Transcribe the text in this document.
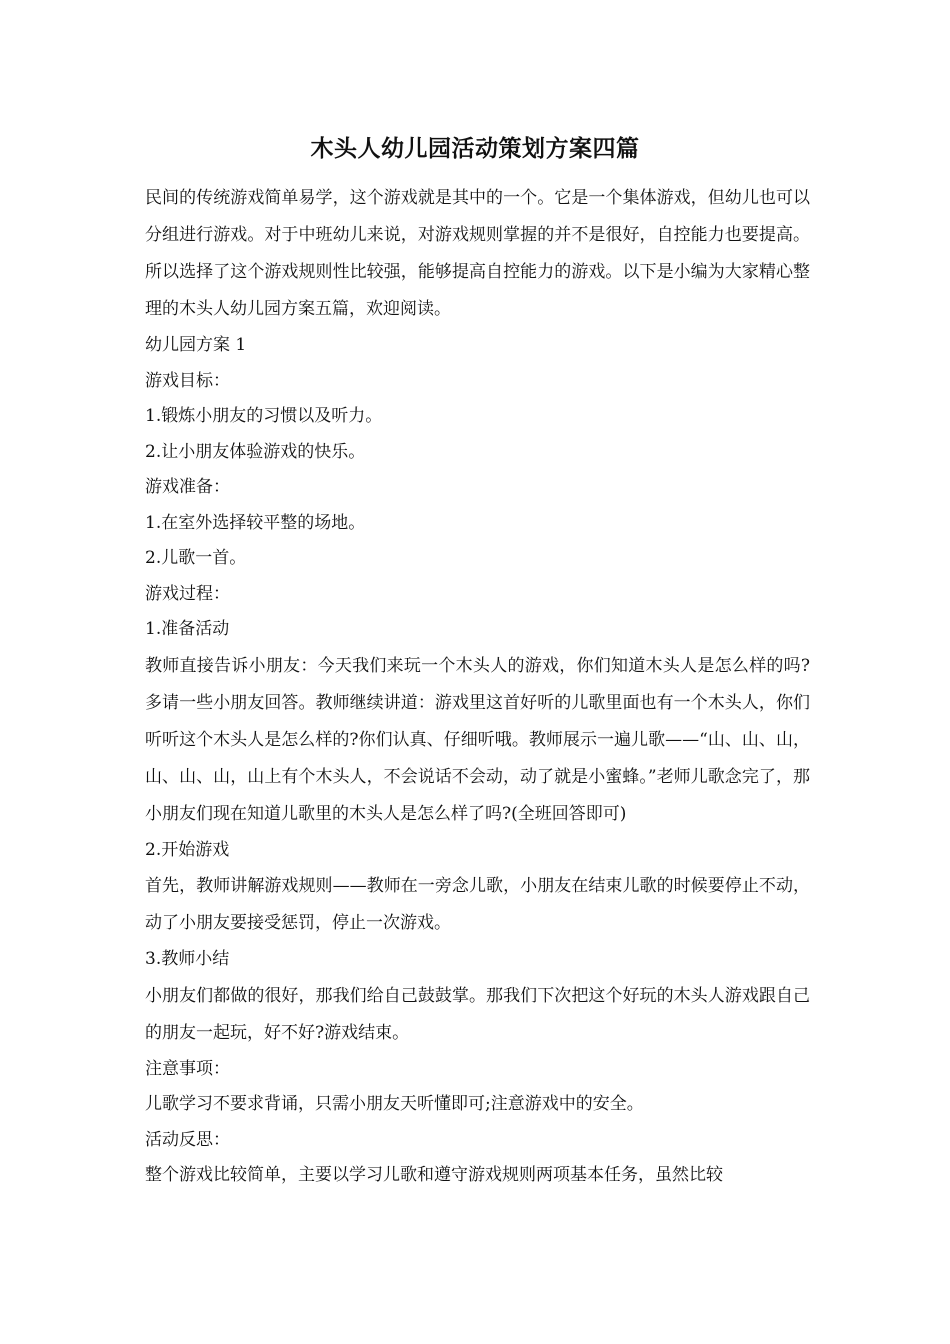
木头人幼儿园活动策划方案四篇

民间的传统游戏简单易学，这个游戏就是其中的一个。它是一个集体游戏，但幼儿也可以分组进行游戏。对于中班幼儿来说，对游戏规则掌握的并不是很好，自控能力也要提高。所以选择了这个游戏规则性比较强，能够提高自控能力的游戏。以下是小编为大家精心整理的木头人幼儿园方案五篇，欢迎阅读。

幼儿园方案 1

游戏目标：

1.锻炼小朋友的习惯以及听力。

2.让小朋友体验游戏的快乐。

游戏准备：

1.在室外选择较平整的场地。

2.儿歌一首。

游戏过程：

1.准备活动

教师直接告诉小朋友：今天我们来玩一个木头人的游戏，你们知道木头人是怎么样的吗?多请一些小朋友回答。教师继续讲道：游戏里这首好听的儿歌里面也有一个木头人，你们听听这个木头人是怎么样的?你们认真、仔细听哦。教师展示一遍儿歌——“山、山、山，山、山、山，山上有个木头人，不会说话不会动，动了就是小蜜蜂。”老师儿歌念完了，那小朋友们现在知道儿歌里的木头人是怎么样了吗?(全班回答即可)

2.开始游戏

首先，教师讲解游戏规则——教师在一旁念儿歌，小朋友在结束儿歌的时候要停止不动，动了小朋友要接受惩罚，停止一次游戏。

3.教师小结

小朋友们都做的很好，那我们给自己鼓鼓掌。那我们下次把这个好玩的木头人游戏跟自己的朋友一起玩，好不好?游戏结束。

注意事项：

儿歌学习不要求背诵，只需小朋友天听懂即可;注意游戏中的安全。

活动反思：

整个游戏比较简单，主要以学习儿歌和遵守游戏规则两项基本任务，虽然比较
